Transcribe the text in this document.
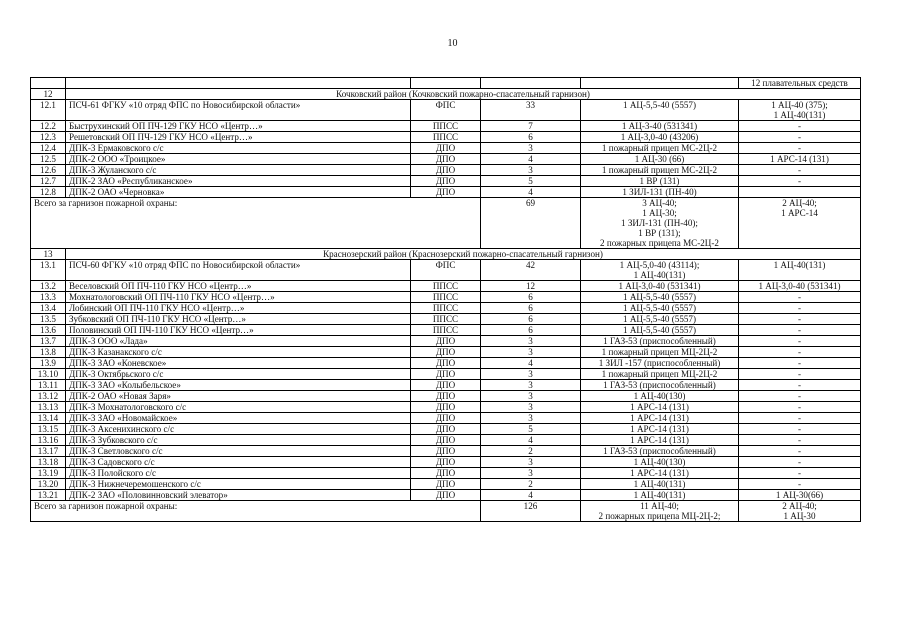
10
					12 плавательных средств
12	Кочковский район (Кочковский пожарно-спасательный гарнизон)				
12.1	ПСЧ-61 ФГКУ «10 отряд ФПС по Новосибирской области»	ФПС	33	1 АЦ-5,5-40 (5557)	1 АЦ-40 (375);
1 АЦ-40(131)
12.2	Быструхинский ОП ПЧ-129 ГКУ НСО «Центр…»	ППСС	7	1 АЦ-3-40 (531341)	-
12.3	Решетовский ОП ПЧ-129 ГКУ НСО «Центр…»	ППСС	6	1 АЦ-3,0-40 (43206)	-
12.4	ДПК-3 Ермаковского с/с	ДПО	3	1 пожарный прицеп МС-2Ц-2	-
12.5	ДПК-2 ООО «Троицкое»	ДПО	4	1 АЦ-30 (66)	1 АРС-14 (131)
12.6	ДПК-3 Жуланского с/с	ДПО	3	1 пожарный прицеп МС-2Ц-2	-
12.7	ДПК-2 ЗАО «Республиканское»	ДПО	5	1 ВР (131)	-
12.8	ДПК-2 ОАО «Черновка»	ДПО	4	1 ЗИЛ-131 (ПН-40)	
Всего за гарнизон пожарной охраны:			69	3 АЦ-40;
1 АЦ-30;
1 ЗИЛ-131 (ПН-40);
1 ВР (131);
2 пожарных прицепа МС-2Ц-2	2 АЦ-40;
1 АРС-14
13	Краснозерский район (Краснозерский пожарно-спасательный гарнизон)				
13.1	ПСЧ-60 ФГКУ «10 отряд ФПС по Новосибирской области»	ФПС	42	1 АЦ-5,0-40 (43114);
1 АЦ-40(131)	1 АЦ-40(131)
13.2	Веселовский ОП ПЧ-110 ГКУ НСО «Центр…»	ППСС	12	1 АЦ-3,0-40 (531341)	1 АЦ-3,0-40 (531341)
13.3	Мохнатологовский ОП ПЧ-110 ГКУ НСО «Центр…»	ППСС	6	1 АЦ-5,5-40 (5557)	-
13.4	Лобинский ОП ПЧ-110 ГКУ НСО «Центр…»	ППСС	6	1 АЦ-5,5-40 (5557)	-
13.5	Зубковский ОП ПЧ-110 ГКУ НСО «Центр…»	ППСС	6	1 АЦ-5,5-40 (5557)	-
13.6	Половинский ОП ПЧ-110 ГКУ НСО «Центр…»	ППСС	6	1 АЦ-5,5-40 (5557)	-
13.7	ДПК-3 ООО «Лада»	ДПО	3	1 ГАЗ-53 (приспособленный)	-
13.8	ДПК-3 Казанакского с/с	ДПО	3	1 пожарный прицеп МЦ-2Ц-2	-
13.9	ДПК-3 ЗАО «Коневское»	ДПО	4	1 ЗИЛ -157 (приспособленный)	-
13.10	ДПК-3 Октябрьского с/с	ДПО	3	1 пожарный прицеп МЦ-2Ц-2	-
13.11	ДПК-3 ЗАО «Колыбельское»	ДПО	3	1 ГАЗ-53 (приспособленный)	-
13.12	ДПК-2 ОАО «Новая Заря»	ДПО	3	1 АЦ-40(130)	-
13.13	ДПК-3 Мохнатологовского с/с	ДПО	3	1 АРС-14 (131)	-
13.14	ДПК-3 ЗАО «Новомайское»	ДПО	3	1 АРС-14 (131)	-
13.15	ДПК-3 Аксенихинского с/с	ДПО	5	1 АРС-14 (131)	-
13.16	ДПК-3 Зубковского с/с	ДПО	4	1 АРС-14 (131)	-
13.17	ДПК-3 Светловского с/с	ДПО	2	1 ГАЗ-53 (приспособленный)	-
13.18	ДПК-3 Садовского с/с	ДПО	3	1 АЦ-40(130)	-
13.19	ДПК-3 Полойского с/с	ДПО	3	1 АРС-14 (131)	-
13.20	ДПК-3 Нижнечеремошенского с/с	ДПО	2	1 АЦ-40(131)	-
13.21	ДПК-2 ЗАО «Половинновский элеватор»	ДПО	4	1 АЦ-40(131)	1 АЦ-30(66)
Всего за гарнизон пожарной охраны:			126	11 АЦ-40;
2 пожарных прицепа МЦ-2Ц-2;	2 АЦ-40;
1 АЦ-30
